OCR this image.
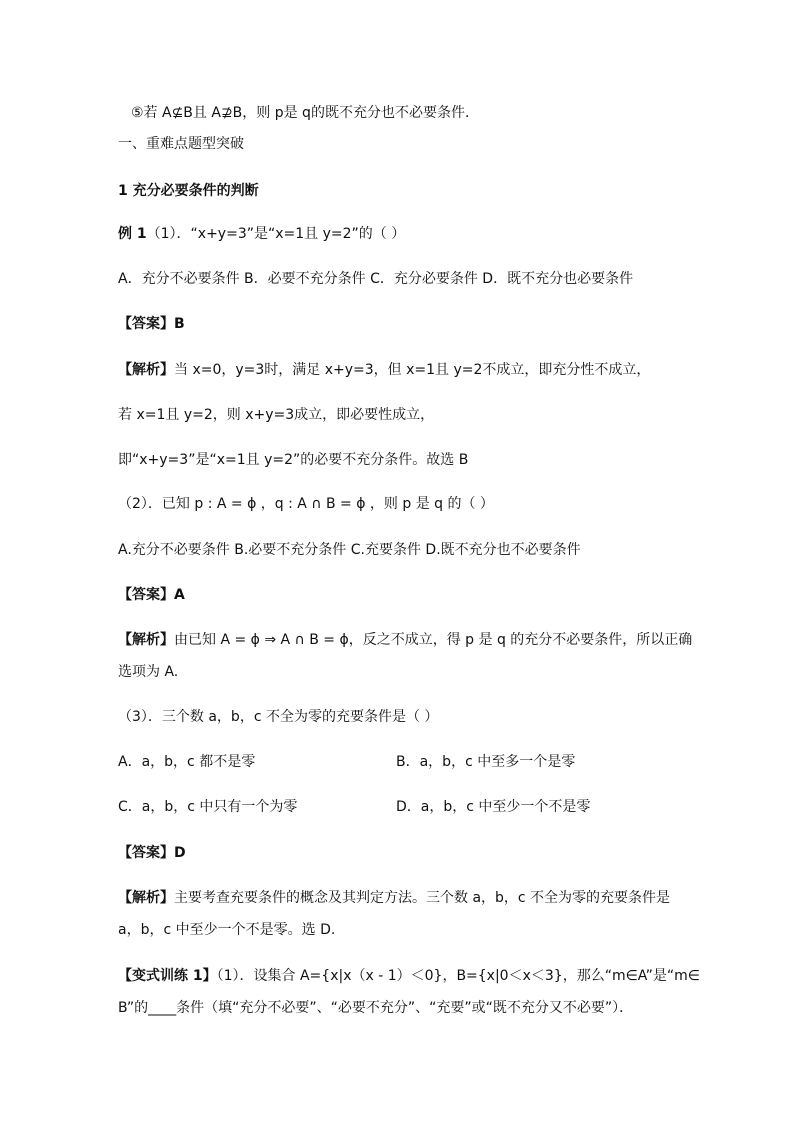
⑤若 A⊈B且 A⊉B，则 p是 q的既不充分也不必要条件．
一、重难点题型突破
1 充分必要条件的判断
例 1（1）．“x+y=3”是“x=1且 y=2”的（ ）
A．充分不必要条件 B．必要不充分条件 C．充分必要条件 D．既不充分也必要条件
【答案】B
【解析】当 x=0，y=3时，满足 x+y=3，但 x=1且 y=2不成立，即充分性不成立，
若 x=1且 y=2，则 x+y=3成立，即必要性成立，
即“x+y=3”是“x=1且 y=2”的必要不充分条件。故选 B
（2）．已知 p : A = ϕ ，q : A ∩ B = ϕ ，则 p 是 q 的（ ）
A.充分不必要条件 B.必要不充分条件 C.充要条件 D.既不充分也不必要条件
【答案】A
【解析】由已知 A = ϕ ⇒ A ∩ B = ϕ，反之不成立，得 p 是 q 的充分不必要条件，所以正确
选项为 A.
（3）．三个数 a，b，c 不全为零的充要条件是（ ）
A．a，b，c 都不是零	B．a，b，c 中至多一个是零
C．a，b，c 中只有一个为零	D．a，b，c 中至少一个不是零
【答案】D
【解析】主要考查充要条件的概念及其判定方法。三个数 a，b，c 不全为零的充要条件是
a，b，c 中至少一个不是零。选 D.
【变式训练 1】（1）．设集合 A={x|x（x - 1）＜0}，B={x|0＜x＜3}，那么“m∈A”是“m∈
B”的____条件（填“充分不必要”、“必要不充分”、“充要”或“既不充分又不必要”）．
